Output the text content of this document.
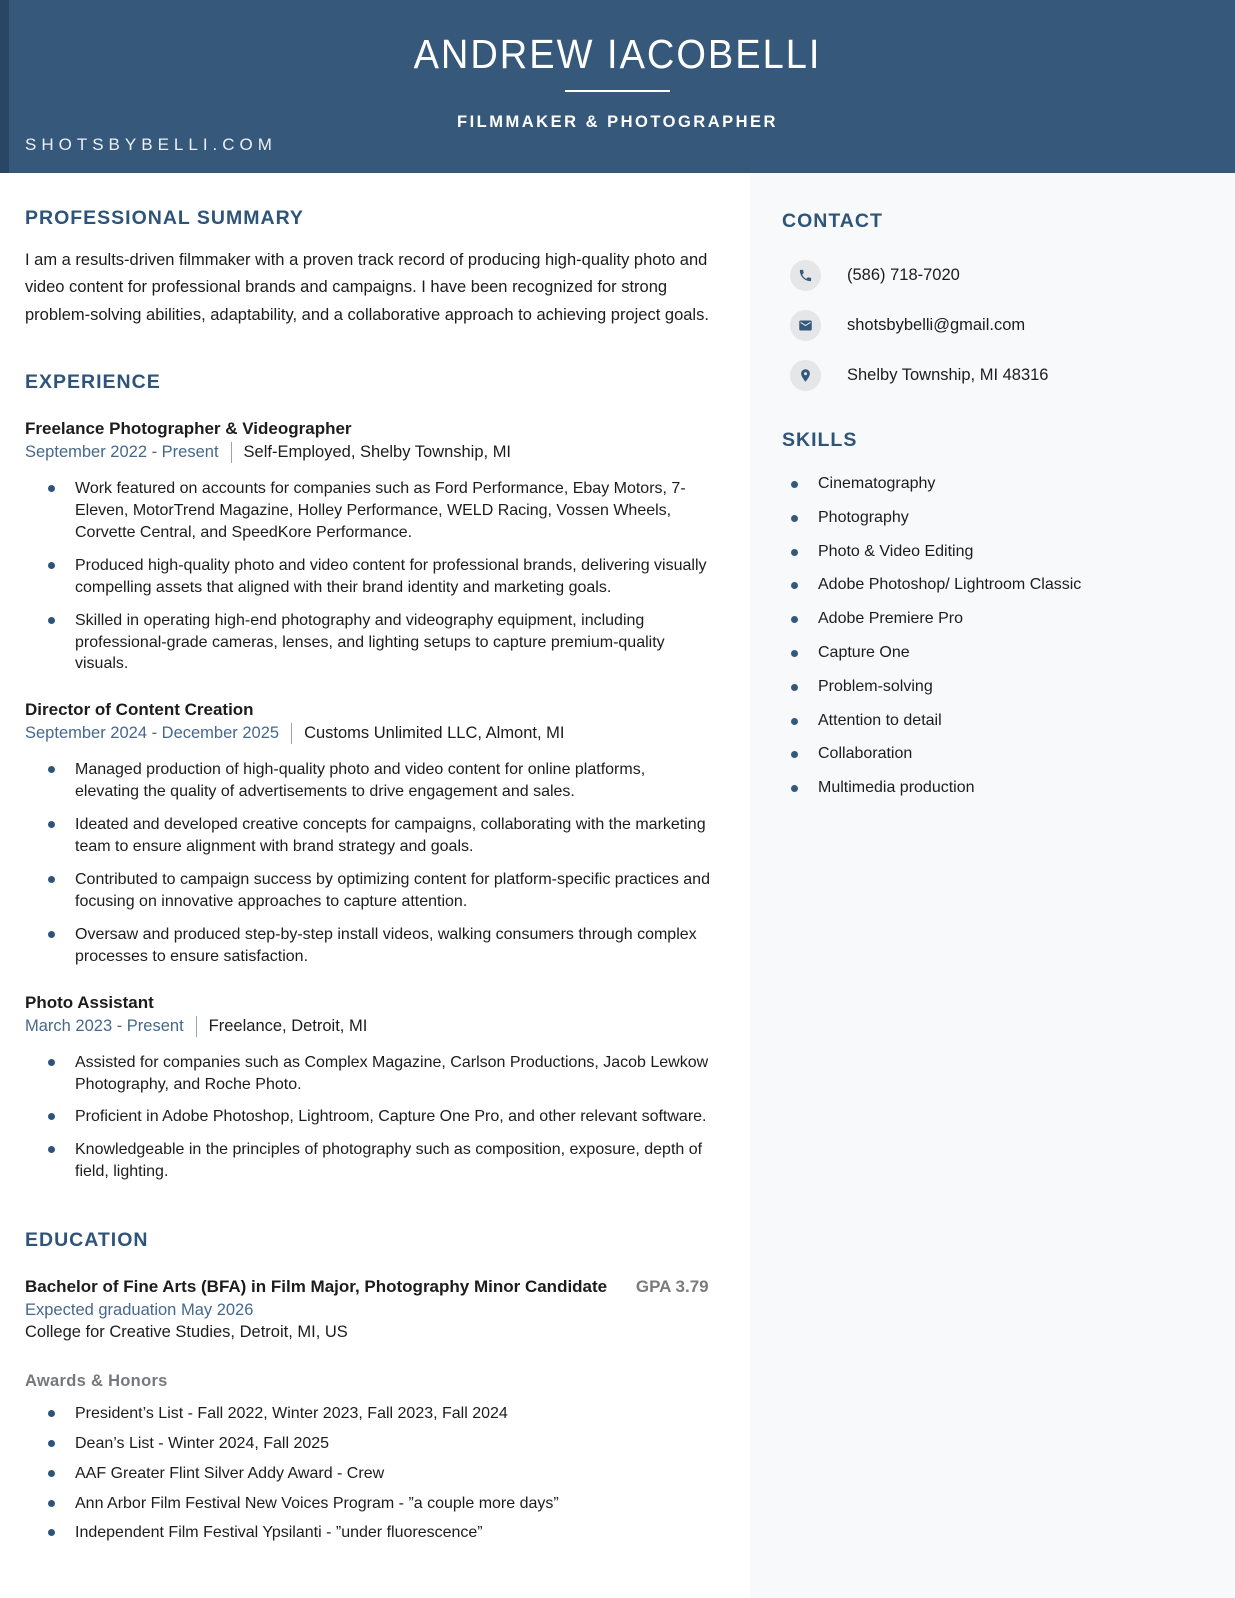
ANDREW IACOBELLI
FILMMAKER & PHOTOGRAPHER
SHOTSBYBELLI.COM
PROFESSIONAL SUMMARY

I am a results-driven filmmaker with a proven track record of producing high-quality photo and video content for professional brands and campaigns. I have been recognized for strong problem-solving abilities, adaptability, and a collaborative approach to achieving project goals.

EXPERIENCE
Freelance Photographer & Videographer
September 2022 - Present Self-Employed, Shelby Township, MI
Work featured on accounts for companies such as Ford Performance, Ebay Motors, 7-Eleven, MotorTrend Magazine, Holley Performance, WELD Racing, Vossen Wheels, Corvette Central, and SpeedKore Performance.
Produced high-quality photo and video content for professional brands, delivering visually compelling assets that aligned with their brand identity and marketing goals.
Skilled in operating high-end photography and videography equipment, including professional-grade cameras, lenses, and lighting setups to capture premium-quality visuals.
Director of Content Creation
September 2024 - December 2025 Customs Unlimited LLC, Almont, MI
Managed production of high-quality photo and video content for online platforms, elevating the quality of advertisements to drive engagement and sales.
Ideated and developed creative concepts for campaigns, collaborating with the marketing team to ensure alignment with brand strategy and goals.
Contributed to campaign success by optimizing content for platform-specific practices and focusing on innovative approaches to capture attention.
Oversaw and produced step-by-step install videos, walking consumers through complex processes to ensure satisfaction.
Photo Assistant
March 2023 - Present Freelance, Detroit, MI
Assisted for companies such as Complex Magazine, Carlson Productions, Jacob Lewkow Photography, and Roche Photo.
Proficient in Adobe Photoshop, Lightroom, Capture One Pro, and other relevant software.
Knowledgeable in the principles of photography such as composition, exposure, depth of field, lighting.
EDUCATION
Bachelor of Fine Arts (BFA) in Film Major, Photography Minor Candidate GPA 3.79
Expected graduation May 2026
College for Creative Studies, Detroit, MI, US
Awards & Honors
President’s List - Fall 2022, Winter 2023, Fall 2023, Fall 2024
Dean’s List - Winter 2024, Fall 2025
AAF Greater Flint Silver Addy Award - Crew
Ann Arbor Film Festival New Voices Program - ”a couple more days”
Independent Film Festival Ypsilanti - ”under fluorescence”
CONTACT
(586) 718-7020
shotsbybelli@gmail.com
Shelby Township, MI 48316
SKILLS
Cinematography
Photography
Photo & Video Editing
Adobe Photoshop/ Lightroom Classic
Adobe Premiere Pro
Capture One
Problem-solving
Attention to detail
Collaboration
Multimedia production
